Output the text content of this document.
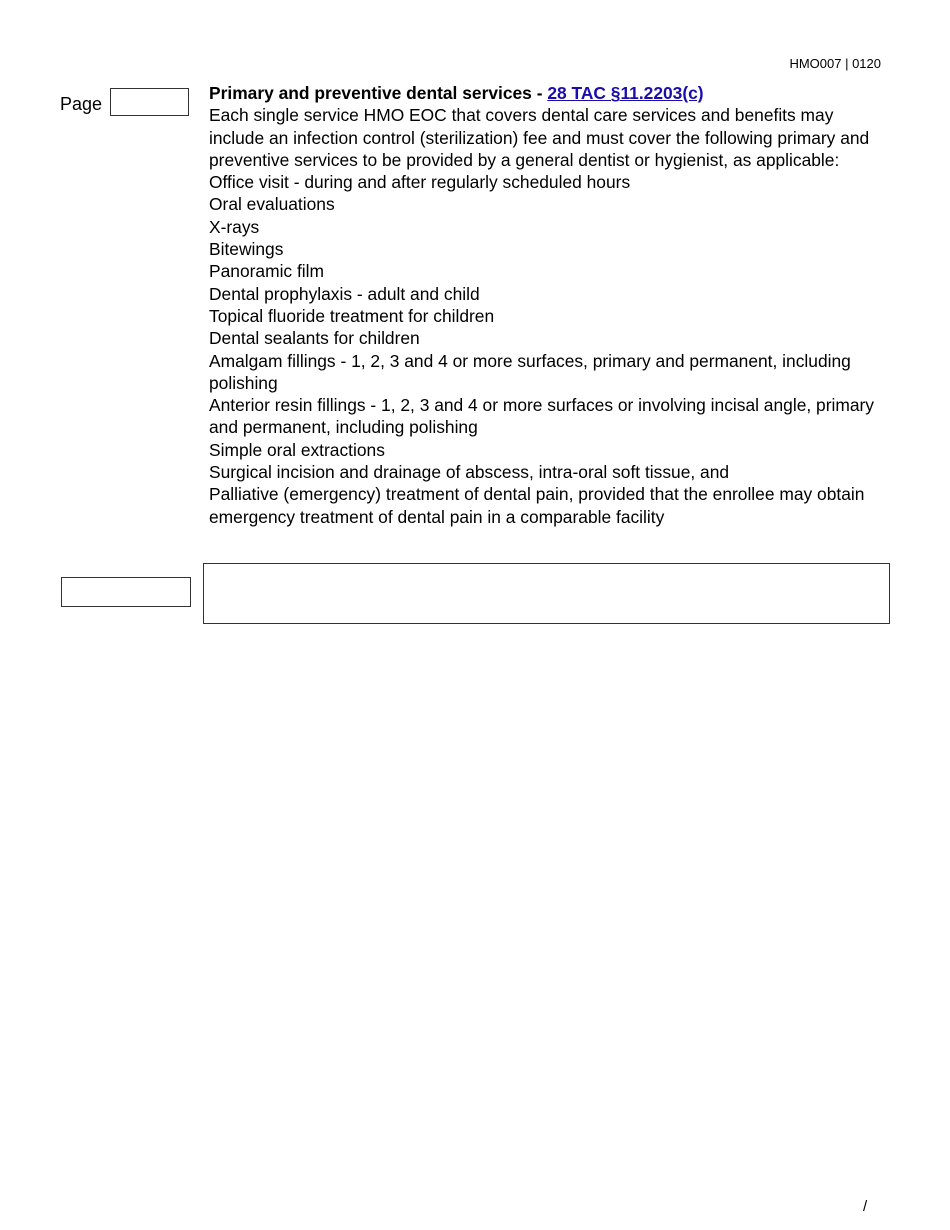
HMO007 | 0120
Page

Primary and preventive dental services - 28 TAC §11.2203(c)

Each single service HMO EOC that covers dental care services and benefits may include an infection control (sterilization) fee and must cover the following primary and preventive services to be provided by a general dentist or hygienist, as applicable:

Office visit - during and after regularly scheduled hours

Oral evaluations

X-rays

Bitewings

Panoramic film

Dental prophylaxis - adult and child

Topical fluoride treatment for children

Dental sealants for children

Amalgam fillings - 1, 2, 3 and 4 or more surfaces, primary and permanent, including polishing

Anterior resin fillings - 1, 2, 3 and 4 or more surfaces or involving incisal angle, primary and permanent, including polishing

Simple oral extractions

Surgical incision and drainage of abscess, intra-oral soft tissue, and

Palliative (emergency) treatment of dental pain, provided that the enrollee may obtain emergency treatment of dental pain in a comparable facility

/
